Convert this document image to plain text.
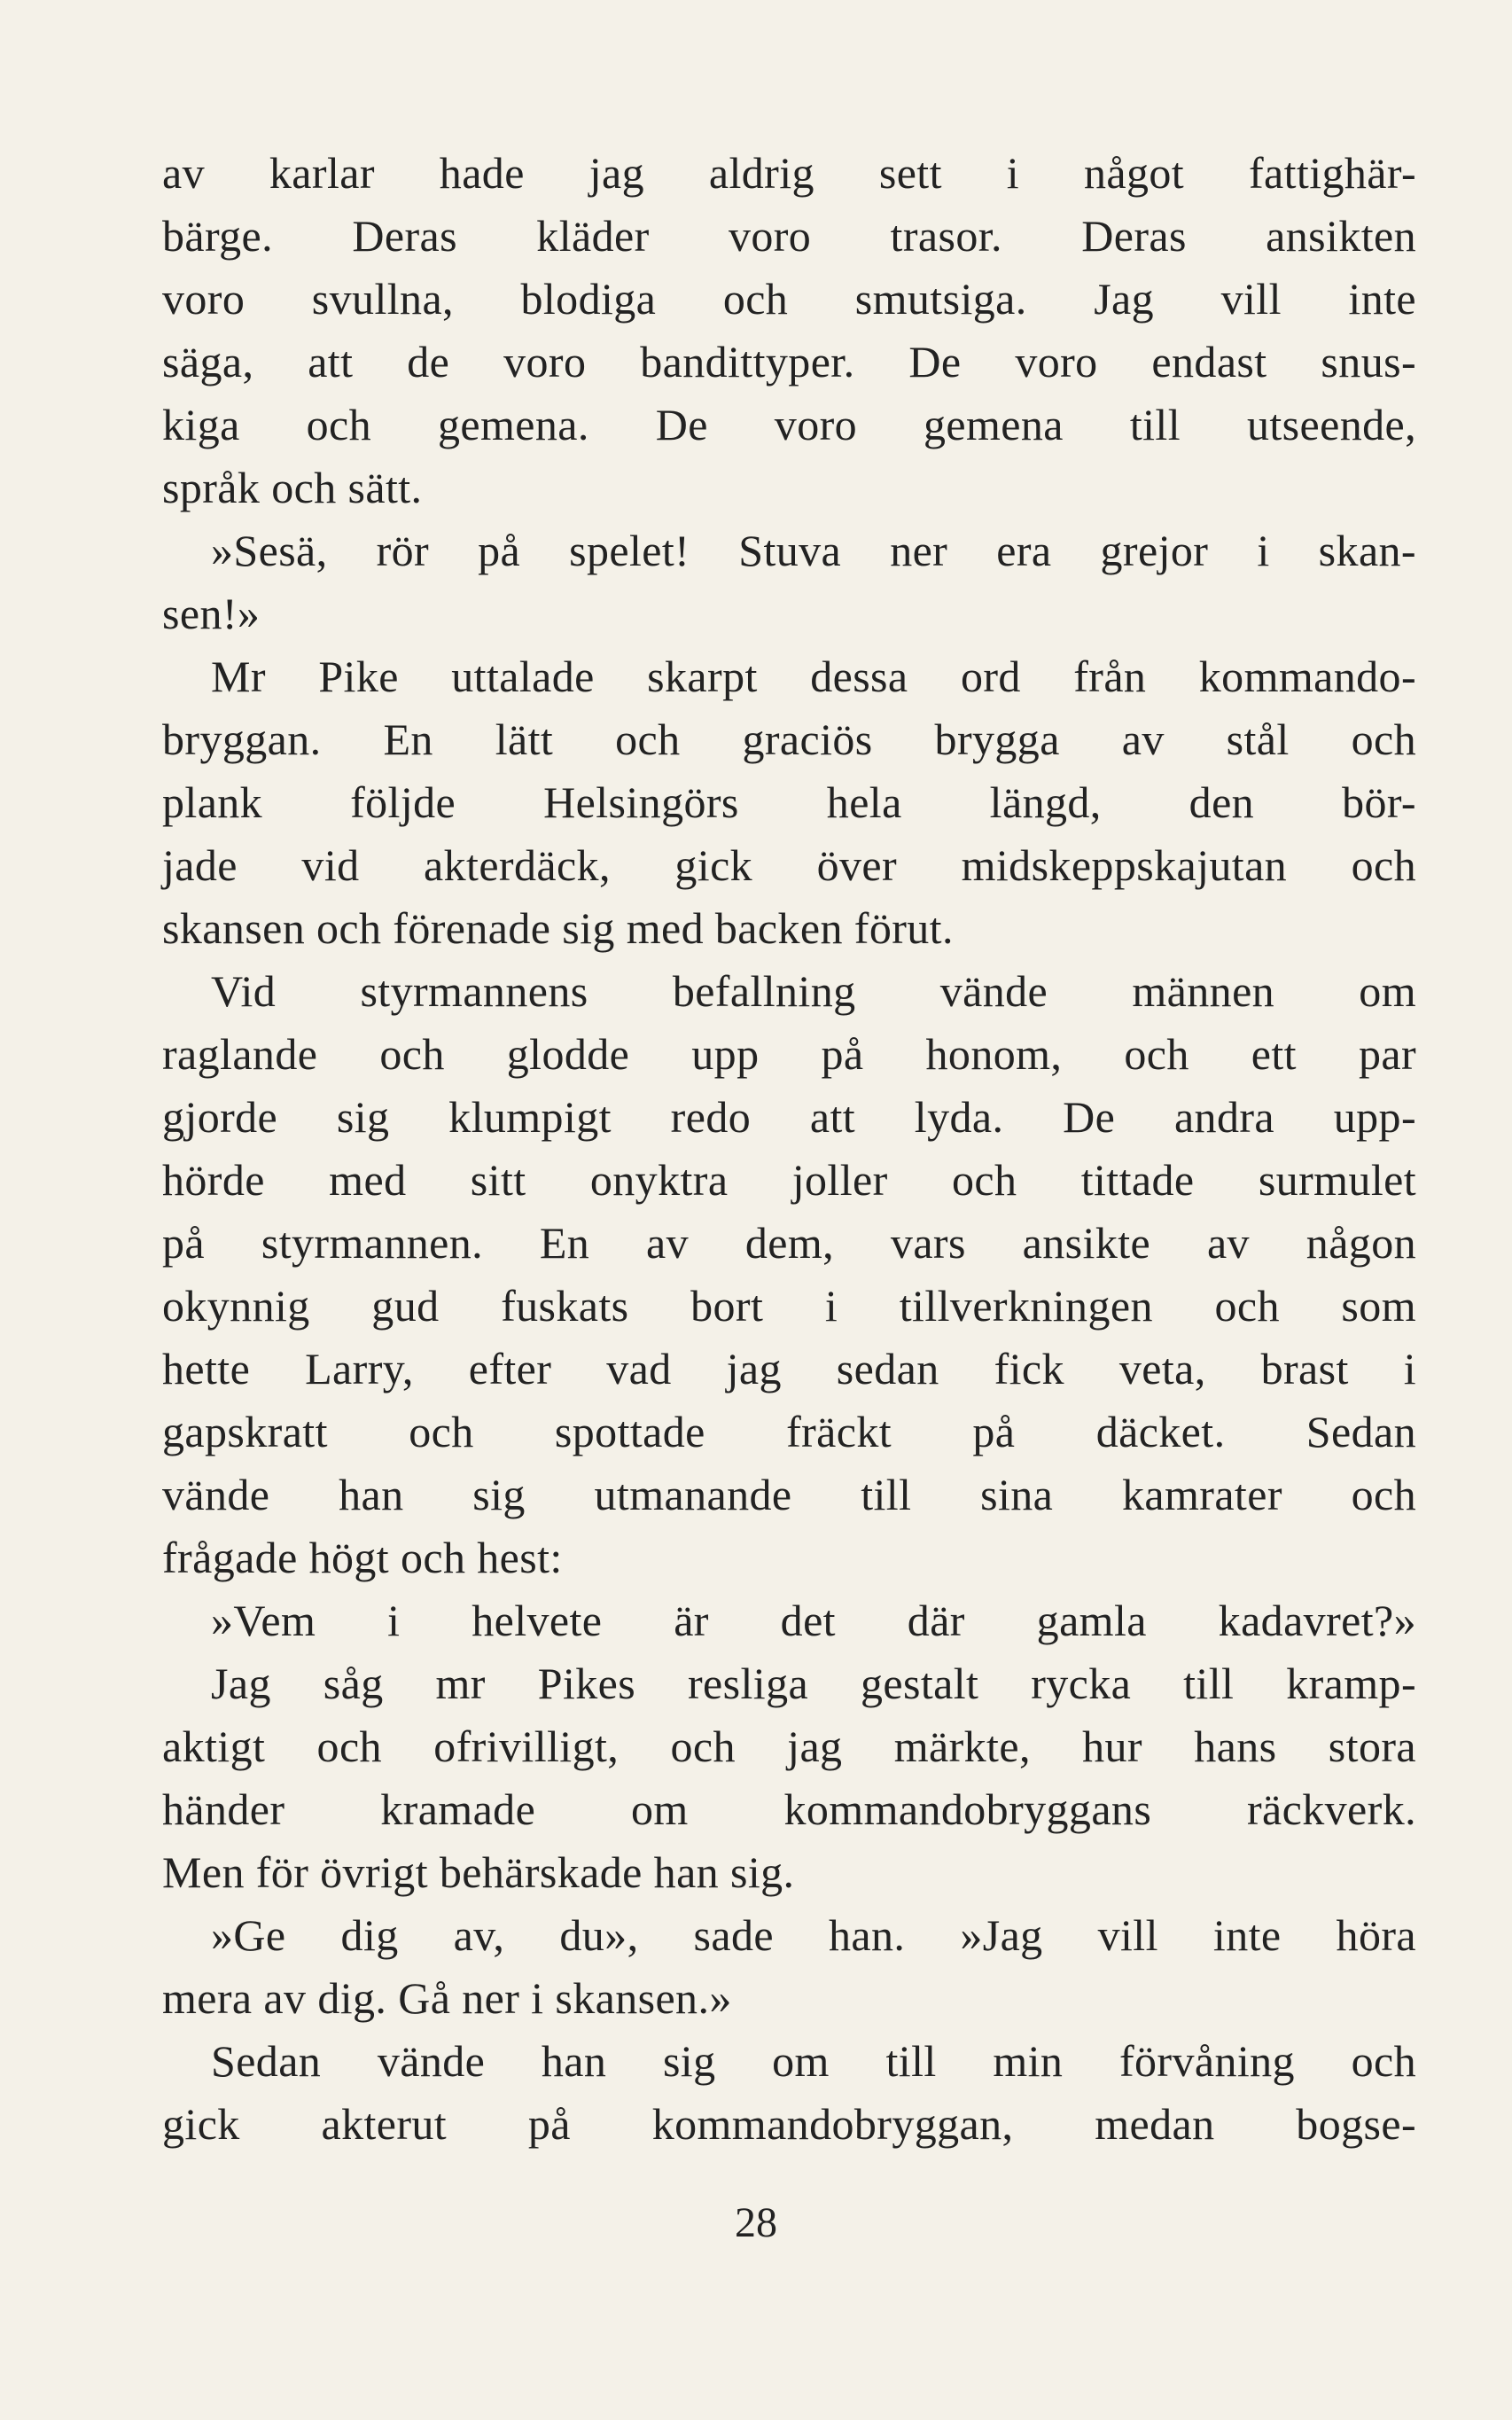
av karlar hade jag aldrig sett i något fattighär-
bärge. Deras kläder voro trasor. Deras ansikten
voro svullna, blodiga och smutsiga. Jag vill inte
säga, att de voro bandittyper. De voro endast snus-
kiga och gemena. De voro gemena till utseende,
språk och sätt.
»Sesä, rör på spelet! Stuva ner era grejor i skan-
sen!»
Mr Pike uttalade skarpt dessa ord från kommando-
bryggan. En lätt och graciös brygga av stål och
plank följde Helsingörs hela längd, den bör-
jade vid akterdäck, gick över midskeppskajutan och
skansen och förenade sig med backen förut.
Vid styrmannens befallning vände männen om
raglande och glodde upp på honom, och ett par
gjorde sig klumpigt redo att lyda. De andra upp-
hörde med sitt onyktra joller och tittade surmulet
på styrmannen. En av dem, vars ansikte av någon
okynnig gud fuskats bort i tillverkningen och som
hette Larry, efter vad jag sedan fick veta, brast i
gapskratt och spottade fräckt på däcket. Sedan
vände han sig utmanande till sina kamrater och
frågade högt och hest:
»Vem i helvete är det där gamla kadavret?»
Jag såg mr Pikes resliga gestalt rycka till kramp-
aktigt och ofrivilligt, och jag märkte, hur hans stora
händer kramade om kommandobryggans räckverk.
Men för övrigt behärskade han sig.
»Ge dig av, du», sade han. »Jag vill inte höra
mera av dig. Gå ner i skansen.»
Sedan vände han sig om till min förvåning och
gick akterut på kommandobryggan, medan bogse-
28
